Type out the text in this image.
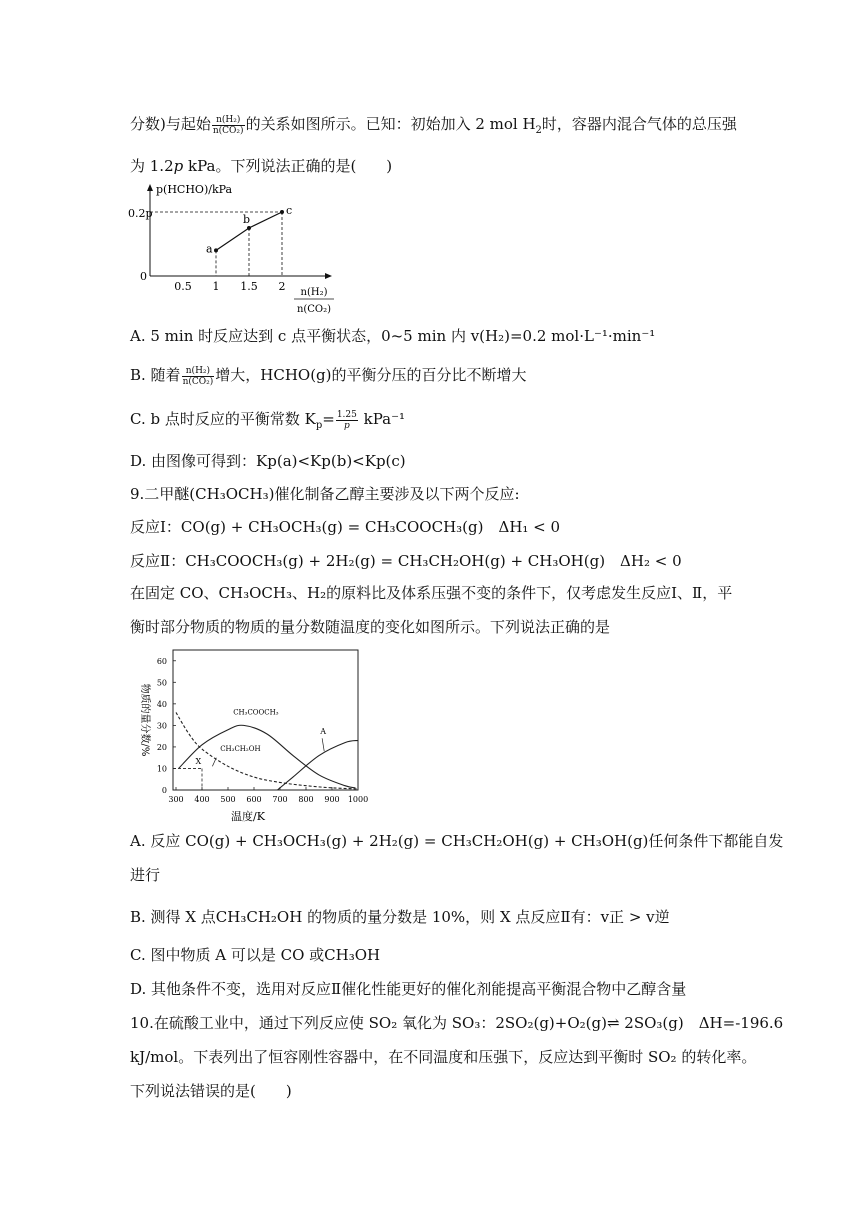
分数)与起始 $\frac{\text{n(H₂)}}{\text{n(CO₂)}}$ 的关系如图所示。已知：初始加入 2 mol $H_2$时，容器内混合气体的总压强
为 1.2p kPa。下列说法正确的是(　　)
p(HCHO)/kPa
0.2p
0
0.5 1 1.5 2
a
b
c
n(H₂)
n(CO₂)
A. 5 min 时反应达到 c 点平衡状态，0~5 min 内 v(H₂)=0.2 mol·L⁻¹·min⁻¹
B. 随着 $\frac{\text{n(H₂)}}{\text{n(CO₂)}}$ 增大，HCHO(g)的平衡分压的百分比不断增大
C. b 点时反应的平衡常数 $K_p= \frac{1.25}{p} kPa^{-1}$
D. 由图像可得到：Kp(a)<Kp(b)<Kp(c)
9.二甲醚(CH₃OCH₃)催化制备乙醇主要涉及以下两个反应:
反应Ⅰ：CO(g) + CH₃OCH₃(g) = CH₃COOCH₃(g)　ΔH₁ < 0
反应Ⅱ：CH₃COOCH₃(g) + 2H₂(g) = CH₃CH₂OH(g) + CH₃OH(g)　ΔH₂ < 0
在固定 CO、CH₃OCH₃、H₂的原料比及体系压强不变的条件下，仅考虑发生反应Ⅰ、Ⅱ，平
衡时部分物质的物质的量分数随温度的变化如图所示。下列说法正确的是
物质的量分数/%
温度/K
0
10
20
30
40
50
60
300 400 500 600 700 800 900 1000
CH₃COOCH₃
CH₃CH₂OH
A
X
A. 反应 CO(g) + CH₃OCH₃(g) + 2H₂(g) = CH₃CH₂OH(g) + CH₃OH(g)任何条件下都能自发
进行
B. 测得 X 点CH₃CH₂OH 的物质的量分数是 10%，则 X 点反应Ⅱ有：v正 > v逆
C. 图中物质 A 可以是 CO 或CH₃OH
D. 其他条件不变，选用对反应Ⅱ催化性能更好的催化剂能提高平衡混合物中乙醇含量
10.在硫酸工业中，通过下列反应使 SO₂ 氧化为 SO₃：2SO₂(g)+O₂(g)⇌ 2SO₃(g)　ΔH=-196.6
kJ/mol。下表列出了恒容刚性容器中，在不同温度和压强下，反应达到平衡时 SO₂ 的转化率。
下列说法错误的是(　　)
